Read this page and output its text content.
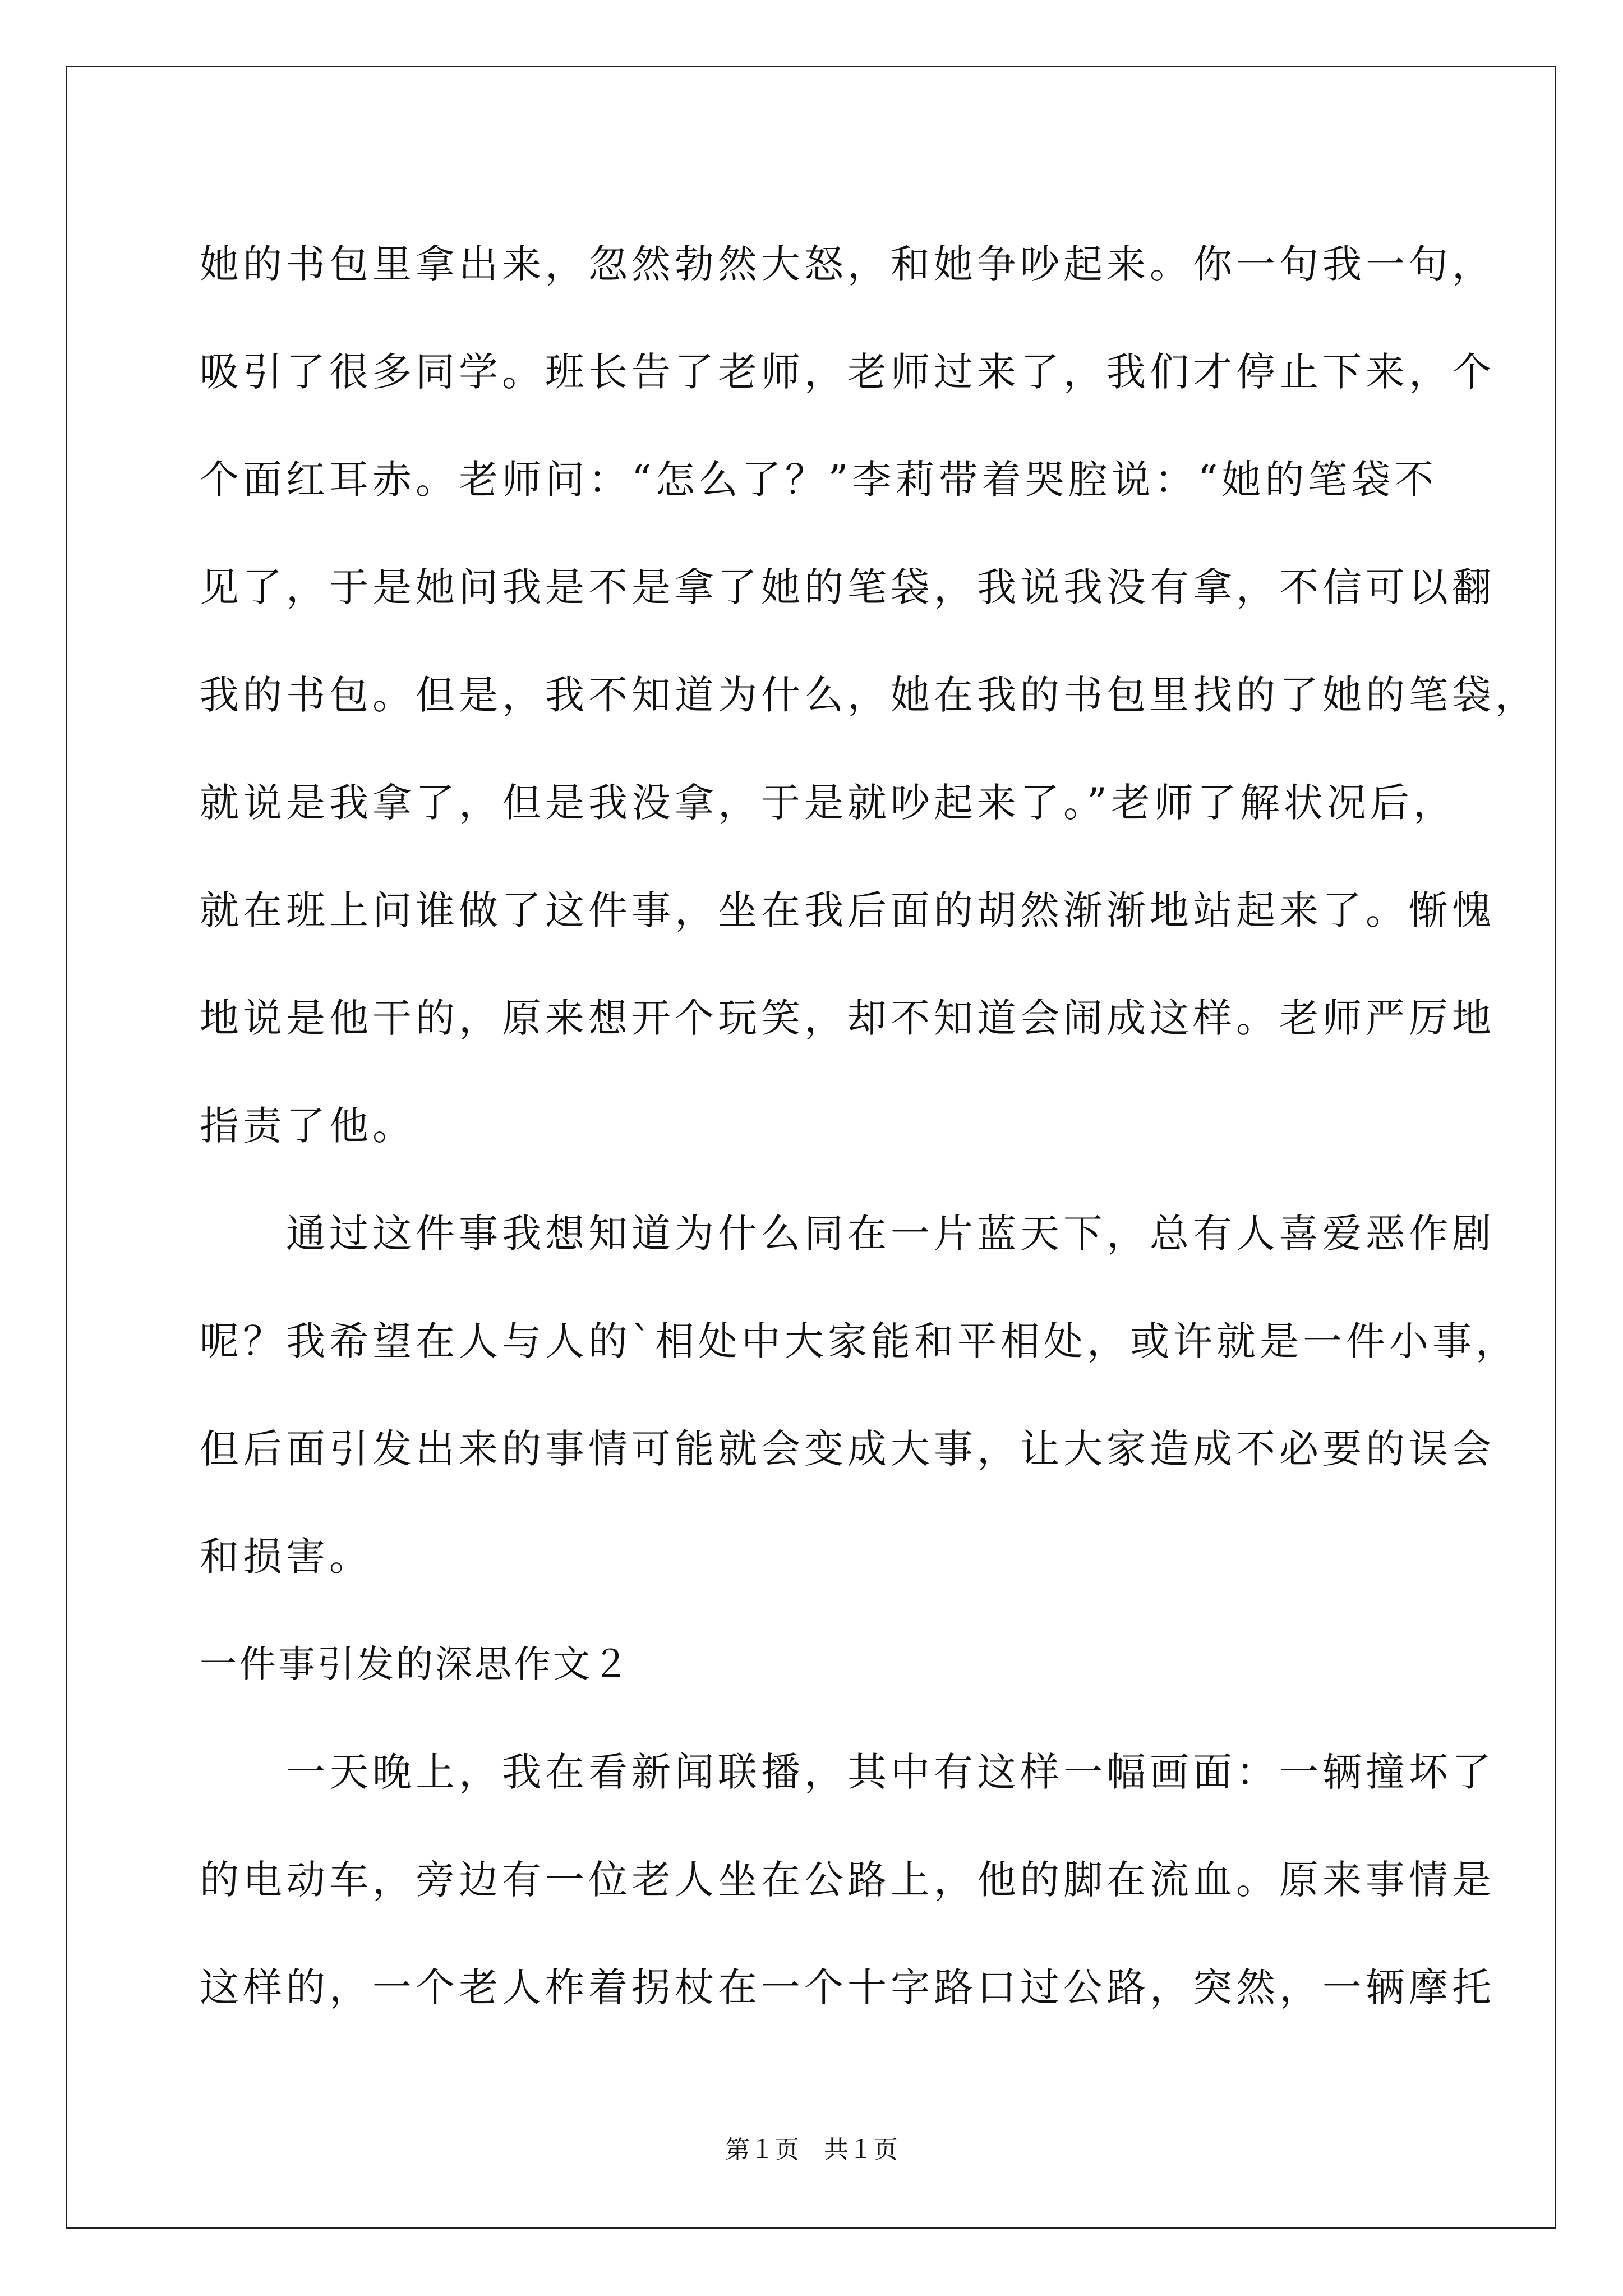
她的书包里拿出来，忽然勃然大怒，和她争吵起来。你一句我一句，
吸引了很多同学。班长告了老师，老师过来了，我们才停止下来，个
个面红耳赤。老师问：“怎么了？”李莉带着哭腔说：“她的笔袋不
见了，于是她问我是不是拿了她的笔袋，我说我没有拿，不信可以翻
我的书包。但是，我不知道为什么，她在我的书包里找的了她的笔袋，
就说是我拿了，但是我没拿，于是就吵起来了。”老师了解状况后，
就在班上问谁做了这件事，坐在我后面的胡然渐渐地站起来了。惭愧
地说是他干的，原来想开个玩笑，却不知道会闹成这样。老师严厉地
指责了他。
　　通过这件事我想知道为什么同在一片蓝天下，总有人喜爱恶作剧
呢？我希望在人与人的`相处中大家能和平相处，或许就是一件小事，
但后面引发出来的事情可能就会变成大事，让大家造成不必要的误会
和损害。
一件事引发的深思作文２
　　一天晚上，我在看新闻联播，其中有这样一幅画面：一辆撞坏了
的电动车，旁边有一位老人坐在公路上，他的脚在流血。原来事情是
这样的，一个老人柞着拐杖在一个十字路口过公路，突然，一辆摩托
第１页　共１页
